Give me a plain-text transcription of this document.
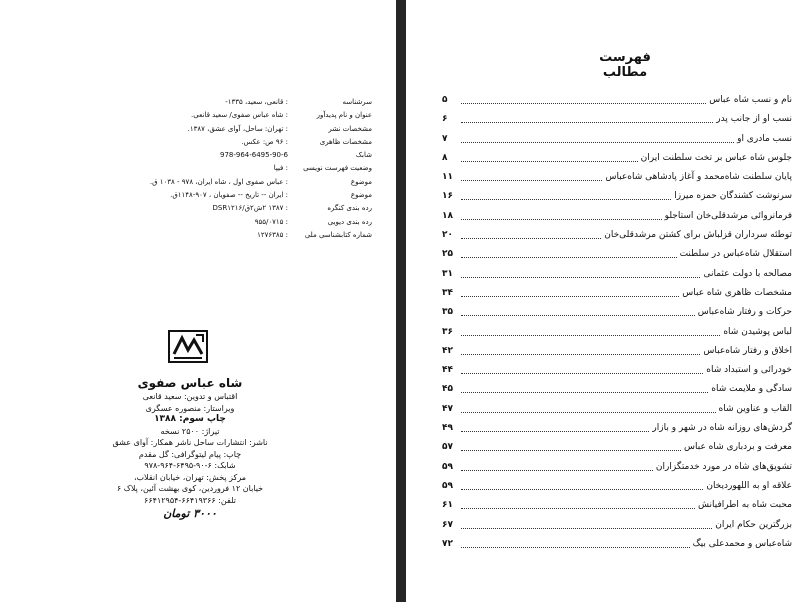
سرشناسه
: قانعی، سعید، ۱۳۳۵-
عنوان و نام پدیدآور
: شاه عباس صفوی/ سعید قانعی.
مشخصات نشر
: تهران: ساحل، آوای عشق، ۱۳۸۷.
مشخصات ظاهری
: ۹۶ ص: عکس.
شابک
978-964-6495-90-6
وضعیت فهرست نویسی
: فیپا
موضوع
: عباس صفوی اول ، شاه ایران، ۹۷۸ - ۱۰۳۸ ق.
موضوع
: ایران -- تاریخ -- صفویان ، ۹۰۷-۱۱۴۸ق.
رده بندی کنگره
: ۱۳۸۷ ۲ش۲ق/DSR۱۲۱۶
رده بندی دیویی
: ۹۵۵/۰۷۱۵
شماره کتابشناسی ملی
: ۱۲۷۶۳۸۵
شاه عباس صفوی
اقتباس و تدوین: سعید قانعی
ویراستار: منصوره عسگری
چاپ سوم: ۱۳۸۸
تیراژ: ۲۵۰۰ نسخه
ناشر: انتشارات ساحل ناشر همکار: آوای عشق
چاپ: پیام لیتوگرافی: گل مقدم
شابک: ۶-۹۰-۶۴۹۵-۹۶۴-۹۷۸
مرکز پخش: تهران، خیابان انقلاب،
خیابان ۱۲ فروردین، کوی بهشت آئین، پلاک ۶
تلفن: ۶۶۴۱۹۳۶۶-۶۶۴۱۲۹۵۴
۳۰۰۰ تومان
فهرست مطالب
نام و نسب شاه عباس
۵
نسب او از جانب پدر
۶
نسب مادری او
۷
جلوس شاه عباس بر تخت سلطنت ایران
۸
پایان سلطنت شاه‌محمد و آغاز پادشاهی شاه‌عباس
۱۱
سرنوشت کشندگان حمزه میرزا
۱۶
فرمانروائی مرشدقلی‌خان استاجلو
۱۸
توطئه سرداران قزلباش برای کشتن مرشدقلی‌خان
۲۰
استقلال شاه‌عباس در سلطنت
۲۵
مصالحه با دولت عثمانی
۳۱
مشخصات ظاهری شاه عباس
۳۴
حرکات و رفتار شاه‌عباس
۳۵
لباس پوشیدن شاه
۳۶
اخلاق و رفتار شاه‌عباس
۴۲
خودرائی و استبداد شاه
۴۴
سادگی و ملایمت شاه
۴۵
القاب و عناوین شاه
۴۷
گردش‌های روزانه شاه در شهر و بازار
۴۹
معرفت و بردباری شاه عباس
۵۷
تشویق‌های شاه در مورد خدمتگزاران
۵۹
علاقه او به اللهوردیخان
۵۹
محبت شاه به اطرافیانش
۶۱
بزرگترین حکام ایران
۶۷
شاه‌عباس و محمدعلی بیگ
۷۲
